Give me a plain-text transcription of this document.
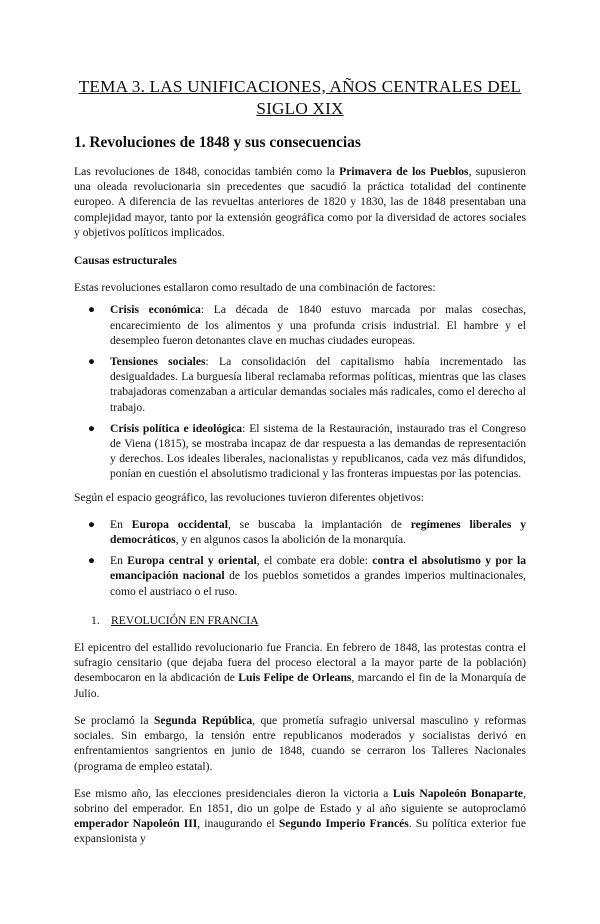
TEMA 3. LAS UNIFICACIONES, AÑOS CENTRALES DEL SIGLO XIX
1. Revoluciones de 1848 y sus consecuencias

Las revoluciones de 1848, conocidas también como la Primavera de los Pueblos, supusieron una oleada revolucionaria sin precedentes que sacudió la práctica totalidad del continente europeo. A diferencia de las revueltas anteriores de 1820 y 1830, las de 1848 presentaban una complejidad mayor, tanto por la extensión geográfica como por la diversidad de actores sociales y objetivos políticos implicados.

Causas estructurales

Estas revoluciones estallaron como resultado de una combinación de factores:

● Crisis económica: La década de 1840 estuvo marcada por malas cosechas, encarecimiento de los alimentos y una profunda crisis industrial. El hambre y el desempleo fueron detonantes clave en muchas ciudades europeas.
● Tensiones sociales: La consolidación del capitalismo había incrementado las desigualdades. La burguesía liberal reclamaba reformas políticas, mientras que las clases trabajadoras comenzaban a articular demandas sociales más radicales, como el derecho al trabajo.
● Crisis política e ideológica: El sistema de la Restauración, instaurado tras el Congreso de Viena (1815), se mostraba incapaz de dar respuesta a las demandas de representación y derechos. Los ideales liberales, nacionalistas y republicanos, cada vez más difundidos, ponían en cuestión el absolutismo tradicional y las fronteras impuestas por las potencias.

Según el espacio geográfico, las revoluciones tuvieron diferentes objetivos:

● En Europa occidental, se buscaba la implantación de regímenes liberales y democráticos, y en algunos casos la abolición de la monarquía.
● En Europa central y oriental, el combate era doble: contra el absolutismo y por la emancipación nacional de los pueblos sometidos a grandes imperios multinacionales, como el austriaco o el ruso.
1. REVOLUCIÓN EN FRANCIA

El epicentro del estallido revolucionario fue Francia. En febrero de 1848, las protestas contra el sufragio censitario (que dejaba fuera del proceso electoral a la mayor parte de la población) desembocaron en la abdicación de Luis Felipe de Orleans, marcando el fin de la Monarquía de Julio.

Se proclamó la Segunda República, que prometía sufragio universal masculino y reformas sociales. Sin embargo, la tensión entre republicanos moderados y socialistas derivó en enfrentamientos sangrientos en junio de 1848, cuando se cerraron los Talleres Nacionales (programa de empleo estatal).

Ese mismo año, las elecciones presidenciales dieron la victoria a Luis Napoleón Bonaparte, sobrino del emperador. En 1851, dio un golpe de Estado y al año siguiente se autoproclamó emperador Napoleón III, inaugurando el Segundo Imperio Francés. Su política exterior fue expansionista y
